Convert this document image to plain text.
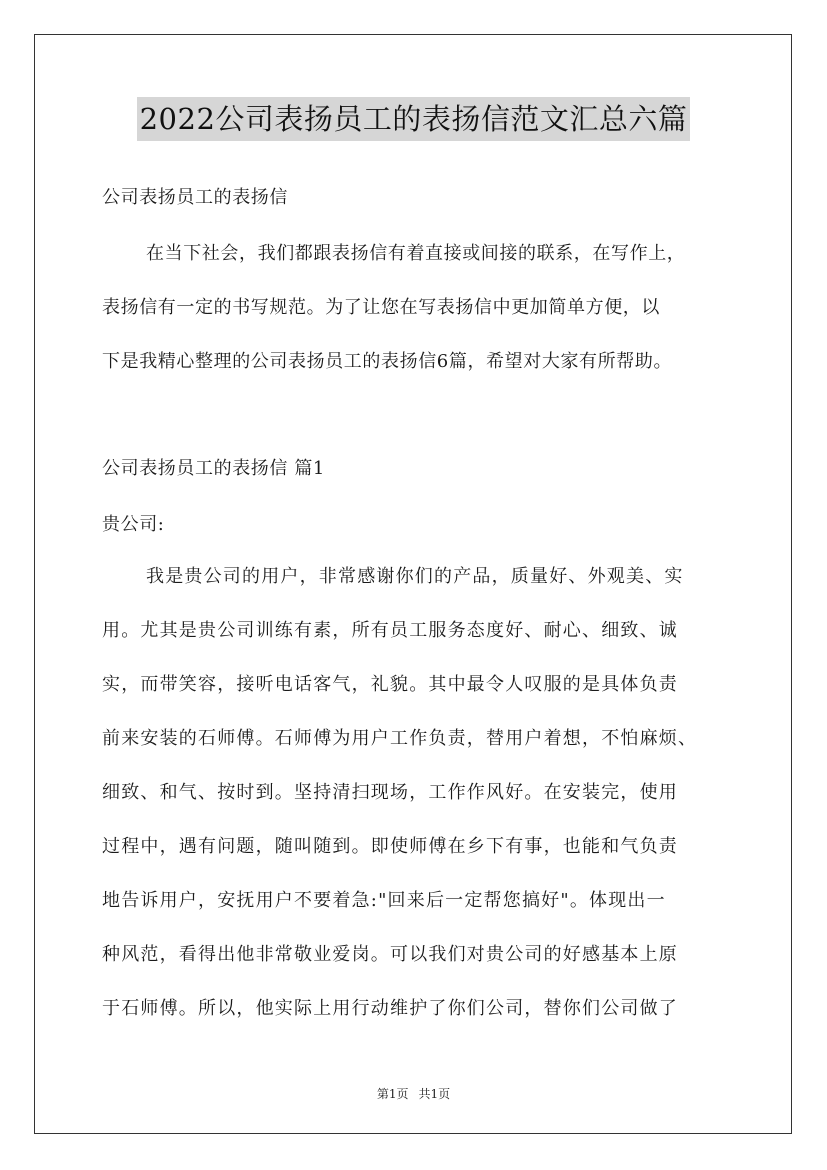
2022公司表扬员工的表扬信范文汇总六篇
公司表扬员工的表扬信
在当下社会，我们都跟表扬信有着直接或间接的联系，在写作上，
表扬信有一定的书写规范。为了让您在写表扬信中更加简单方便，以
下是我精心整理的公司表扬员工的表扬信6篇，希望对大家有所帮助。
公司表扬员工的表扬信 篇1
贵公司:
我是贵公司的用户，非常感谢你们的产品，质量好、外观美、实
用。尤其是贵公司训练有素，所有员工服务态度好、耐心、细致、诚
实，而带笑容，接听电话客气，礼貌。其中最令人叹服的是具体负责
前来安装的石师傅。石师傅为用户工作负责，替用户着想，不怕麻烦、
细致、和气、按时到。坚持清扫现场，工作作风好。在安装完，使用
过程中，遇有问题，随叫随到。即使师傅在乡下有事，也能和气负责
地告诉用户，安抚用户不要着急:"回来后一定帮您搞好"。体现出一
种风范，看得出他非常敬业爱岗。可以我们对贵公司的好感基本上原
于石师傅。所以，他实际上用行动维护了你们公司，替你们公司做了
第1页 共1页
